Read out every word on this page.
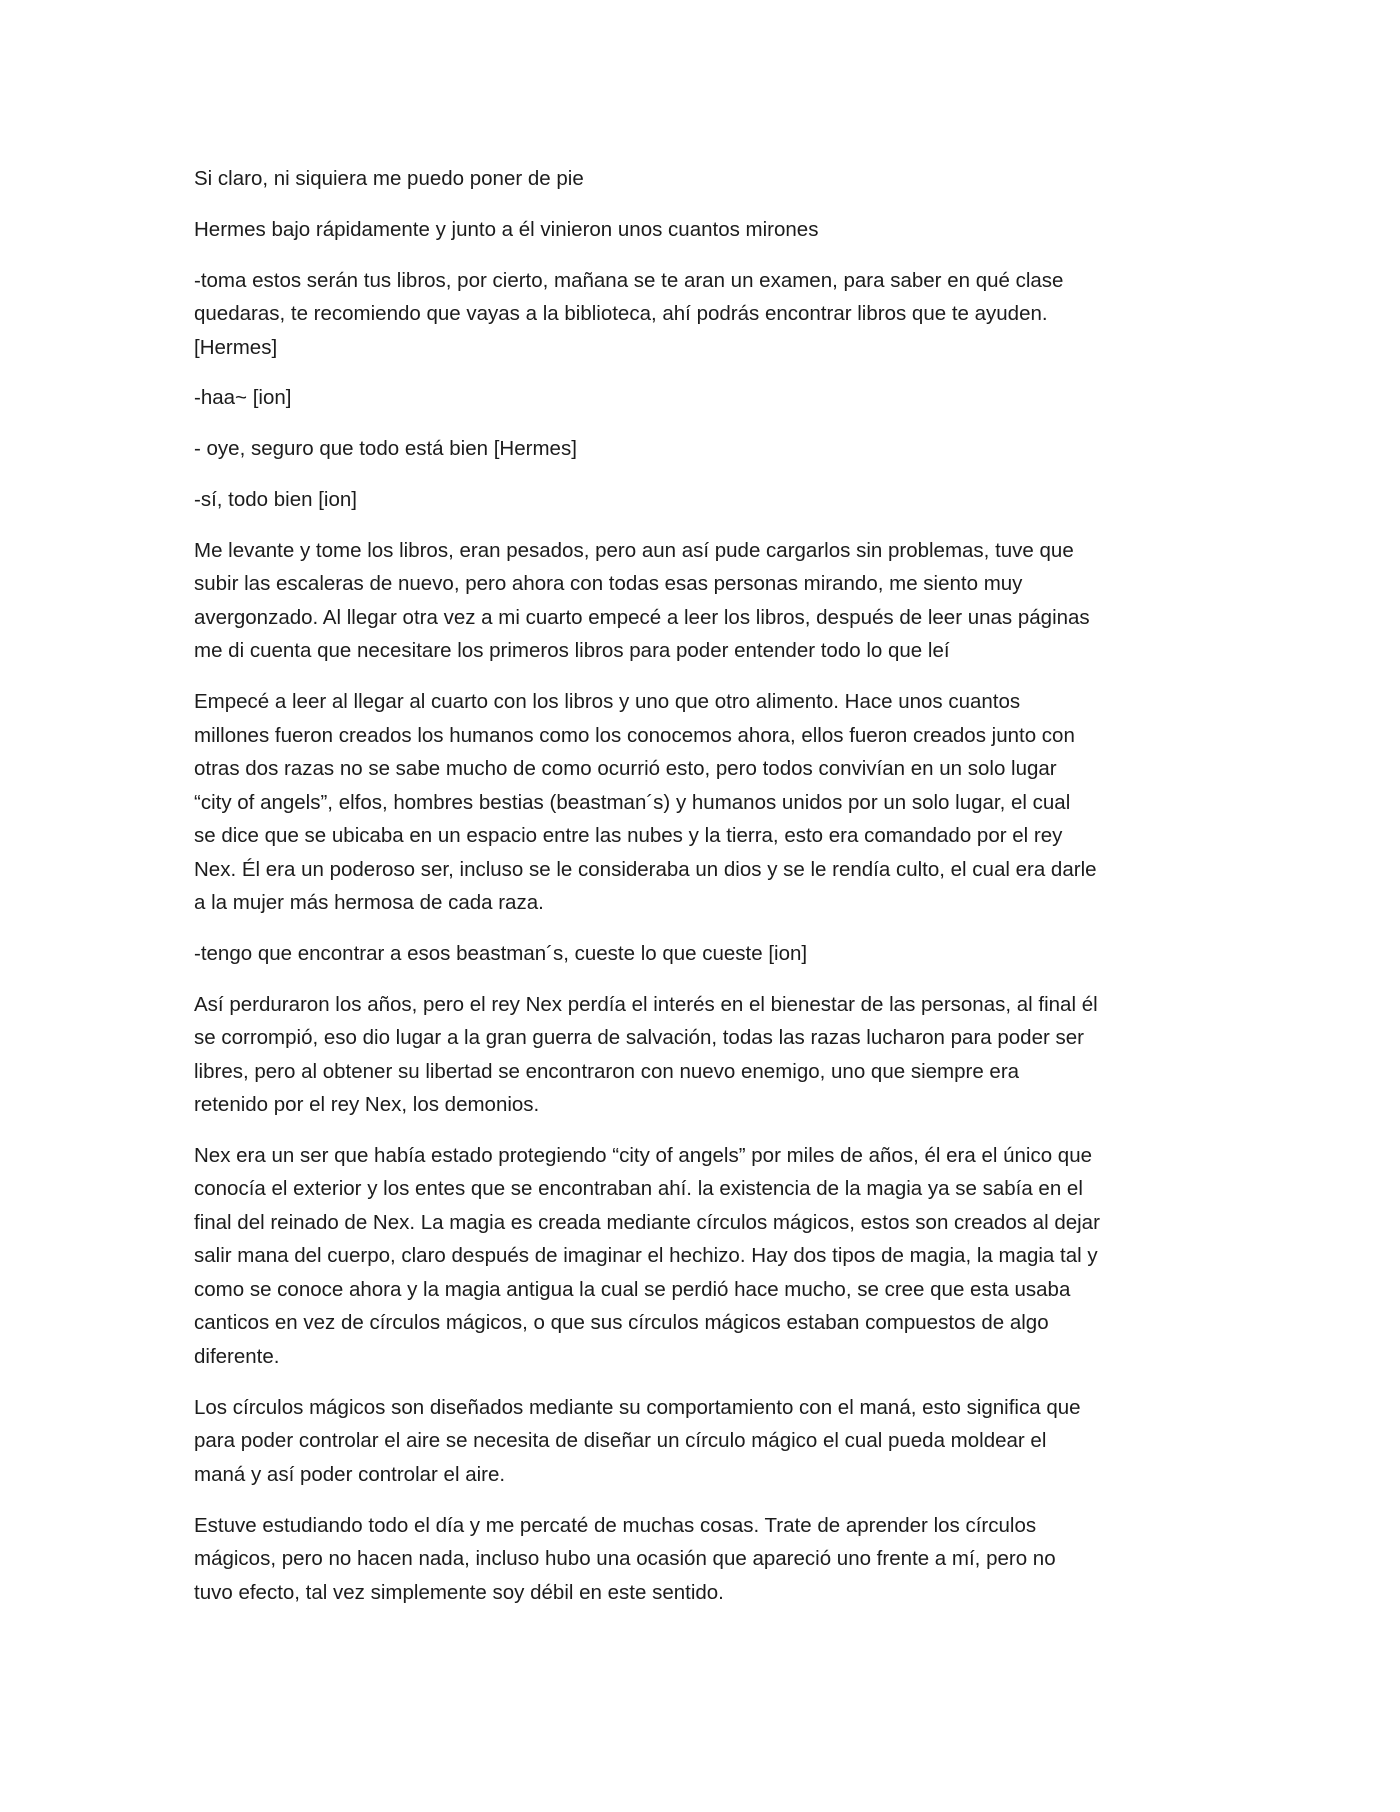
Si claro, ni siquiera me puedo poner de pie
Hermes bajo rápidamente y junto a él vinieron unos cuantos mirones
-toma estos serán tus libros, por cierto, mañana se te aran un examen, para saber en qué clase
quedaras, te recomiendo que vayas a la biblioteca, ahí podrás encontrar libros que te ayuden.
[Hermes]
-haa~ [ion]
- oye, seguro que todo está bien [Hermes]
-sí, todo bien [ion]
Me levante y tome los libros, eran pesados, pero aun así pude cargarlos sin problemas, tuve que
subir las escaleras de nuevo, pero ahora con todas esas personas mirando, me siento muy
avergonzado. Al llegar otra vez a mi cuarto empecé a leer los libros, después de leer unas páginas
me di cuenta que necesitare los primeros libros para poder entender todo lo que leí
Empecé a leer al llegar al cuarto con los libros y uno que otro alimento. Hace unos cuantos
millones fueron creados los humanos como los conocemos ahora, ellos fueron creados junto con
otras dos razas no se sabe mucho de como ocurrió esto, pero todos convivían en un solo lugar
“city of angels”, elfos, hombres bestias (beastman´s) y humanos unidos por un solo lugar, el cual
se dice que se ubicaba en un espacio entre las nubes y la tierra, esto era comandado por el rey
Nex. Él era un poderoso ser, incluso se le consideraba un dios y se le rendía culto, el cual era darle
a la mujer más hermosa de cada raza.
-tengo que encontrar a esos beastman´s, cueste lo que cueste [ion]
Así perduraron los años, pero el rey Nex perdía el interés en el bienestar de las personas, al final él
se corrompió, eso dio lugar a la gran guerra de salvación, todas las razas lucharon para poder ser
libres, pero al obtener su libertad se encontraron con nuevo enemigo, uno que siempre era
retenido por el rey Nex, los demonios.
Nex era un ser que había estado protegiendo “city of angels” por miles de años, él era el único que
conocía el exterior y los entes que se encontraban ahí. la existencia de la magia ya se sabía en el
final del reinado de Nex. La magia es creada mediante círculos mágicos, estos son creados al dejar
salir mana del cuerpo, claro después de imaginar el hechizo. Hay dos tipos de magia, la magia tal y
como se conoce ahora y la magia antigua la cual se perdió hace mucho, se cree que esta usaba
canticos en vez de círculos mágicos, o que sus círculos mágicos estaban compuestos de algo
diferente.
Los círculos mágicos son diseñados mediante su comportamiento con el maná, esto significa que
para poder controlar el aire se necesita de diseñar un círculo mágico el cual pueda moldear el
maná y así poder controlar el aire.
Estuve estudiando todo el día y me percaté de muchas cosas. Trate de aprender los círculos
mágicos, pero no hacen nada, incluso hubo una ocasión que apareció uno frente a mí, pero no
tuvo efecto, tal vez simplemente soy débil en este sentido.
